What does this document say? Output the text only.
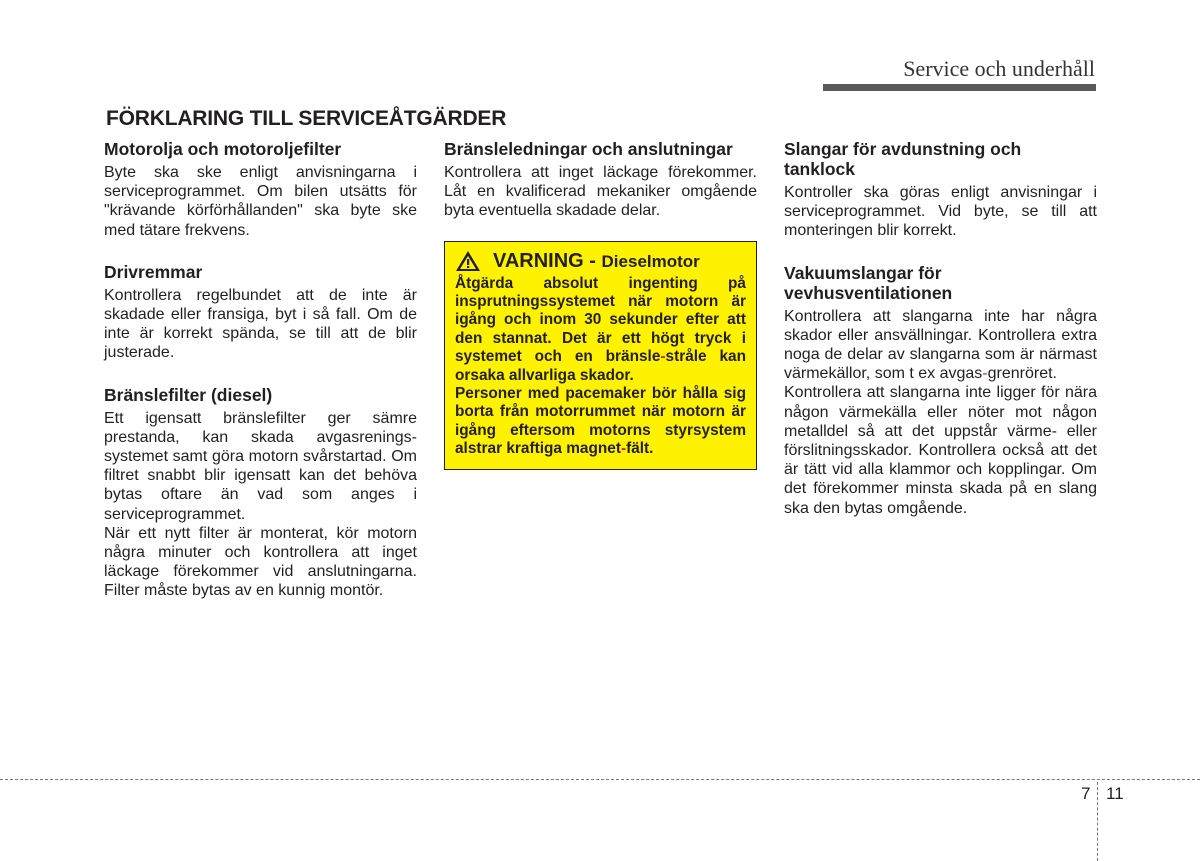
Service och underhåll
FÖRKLARING TILL SERVICEÅTGÄRDER
Motorolja och motoroljefilter

Byte ska ske enligt anvisningarna i serviceprogrammet. Om bilen utsätts för "krävande körförhållanden" ska byte ske med tätare frekvens.

Drivremmar

Kontrollera regelbundet att de inte är skadade eller fransiga, byt i så fall. Om de inte är korrekt spända, se till att de blir justerade.

Bränslefilter (diesel)

Ett igensatt bränslefilter ger sämre prestanda, kan skada avgasrenings-systemet samt göra motorn svårstartad. Om filtret snabbt blir igensatt kan det behöva bytas oftare än vad som anges i serviceprogrammet.

När ett nytt filter är monterat, kör motorn några minuter och kontrollera att inget läckage förekommer vid anslutningarna. Filter måste bytas av en kunnig montör.

Bränsleledningar och anslutningar

Kontrollera att inget läckage förekommer. Låt en kvalificerad mekaniker omgående byta eventuella skadade delar.

VARNING - Dieselmotor

Åtgärda absolut ingenting på insprutningssystemet när motorn är igång och inom 30 sekunder efter att den stannat. Det är ett högt tryck i systemet och en bränsle-stråle kan orsaka allvarliga skador.

Personer med pacemaker bör hålla sig borta från motorrummet när motorn är igång eftersom motorns styrsystem alstrar kraftiga magnet-fält.

Slangar för avdunstning och tanklock

Kontroller ska göras enligt anvisningar i serviceprogrammet. Vid byte, se till att monteringen blir korrekt.

Vakuumslangar för vevhusventilationen

Kontrollera att slangarna inte har några skador eller ansvällningar. Kontrollera extra noga de delar av slangarna som är närmast värmekällor, som t ex avgas-grenröret.

Kontrollera att slangarna inte ligger för nära någon värmekälla eller nöter mot någon metalldel så att det uppstår värme- eller förslitningsskador. Kontrollera också att det är tätt vid alla klammor och kopplingar. Om det förekommer minsta skada på en slang ska den bytas omgående.

7 11
